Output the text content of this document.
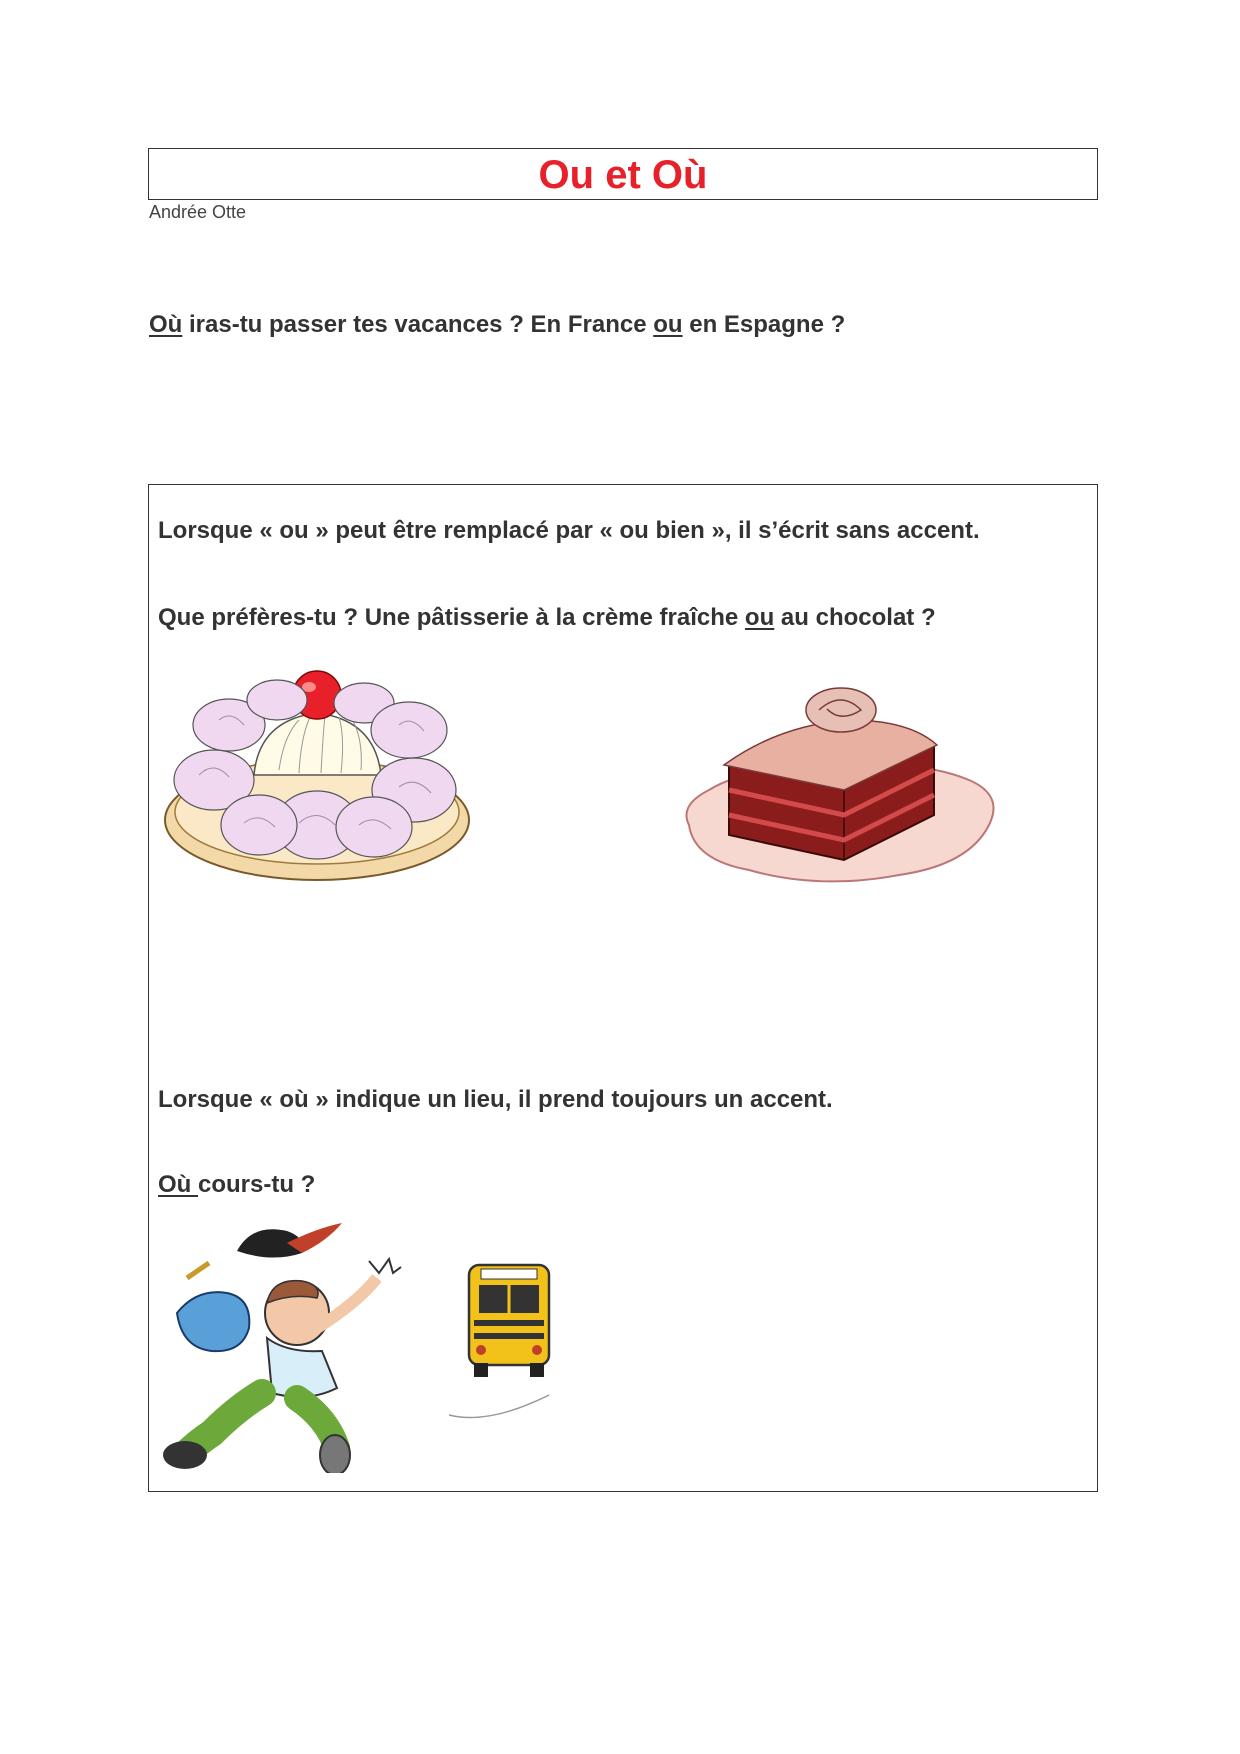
Ou et Où
Andrée Otte
Où iras-tu passer tes vacances ? En France ou en Espagne ?
Lorsque « ou » peut être remplacé par « ou bien », il s’écrit sans accent.
Que préfères-tu ? Une pâtisserie à la crème fraîche ou au chocolat ?
Lorsque « où » indique un lieu, il prend toujours un accent.
Où cours-tu ?
